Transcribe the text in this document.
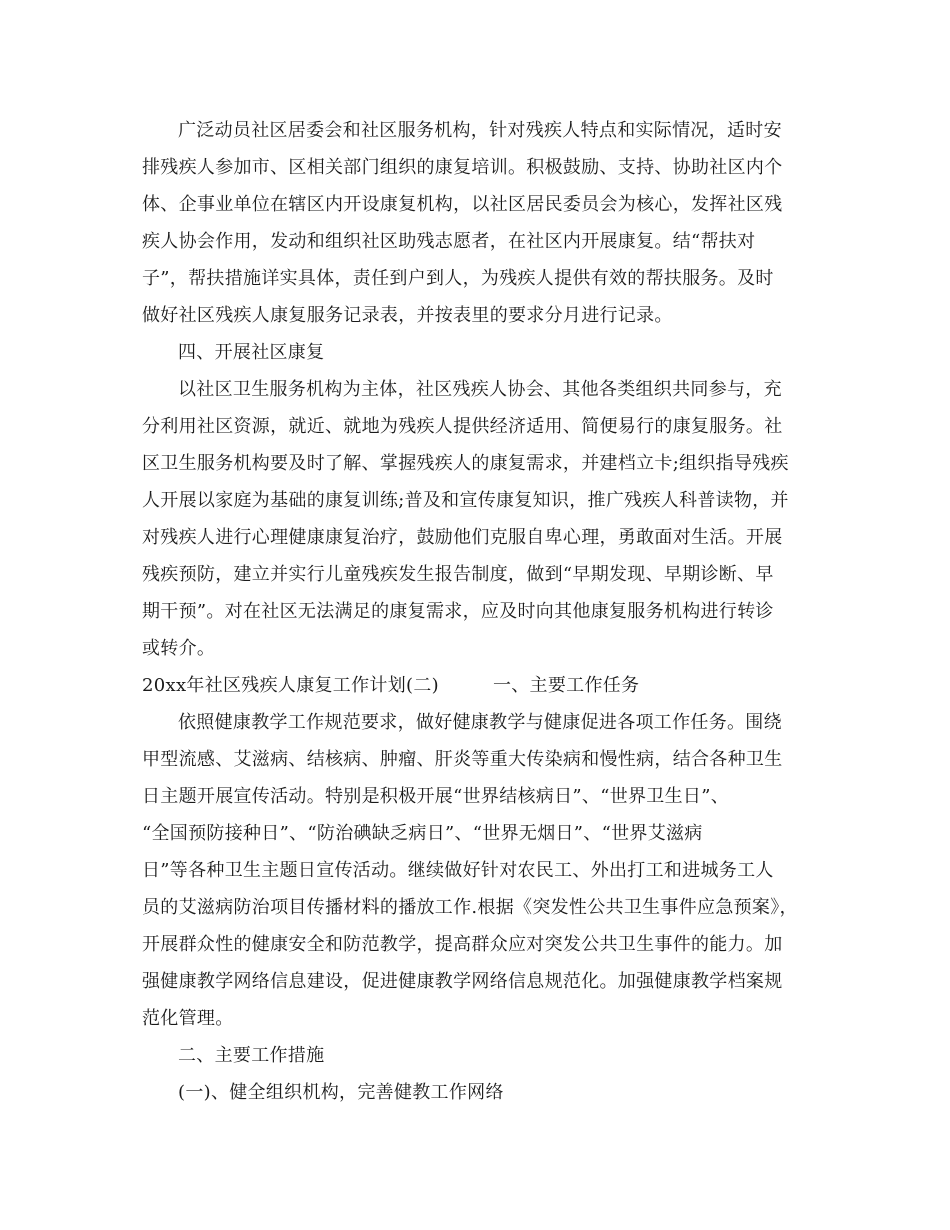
广泛动员社区居委会和社区服务机构，针对残疾人特点和实际情况，适时安
排残疾人参加市、区相关部门组织的康复培训。积极鼓励、支持、协助社区内个
体、企事业单位在辖区内开设康复机构，以社区居民委员会为核心，发挥社区残
疾人协会作用，发动和组织社区助残志愿者，在社区内开展康复。结“帮扶对
子”，帮扶措施详实具体，责任到户到人，为残疾人提供有效的帮扶服务。及时
做好社区残疾人康复服务记录表，并按表里的要求分月进行记录。
四、开展社区康复
以社区卫生服务机构为主体，社区残疾人协会、其他各类组织共同参与，充
分利用社区资源，就近、就地为残疾人提供经济适用、简便易行的康复服务。社
区卫生服务机构要及时了解、掌握残疾人的康复需求，并建档立卡;组织指导残疾
人开展以家庭为基础的康复训练;普及和宣传康复知识，推广残疾人科普读物，并
对残疾人进行心理健康康复治疗，鼓励他们克服自卑心理，勇敢面对生活。开展
残疾预防，建立并实行儿童残疾发生报告制度，做到“早期发现、早期诊断、早
期干预”。对在社区无法满足的康复需求，应及时向其他康复服务机构进行转诊
或转介。
20xx年社区残疾人康复工作计划(二)	一、主要工作任务
依照健康教学工作规范要求，做好健康教学与健康促进各项工作任务。围绕
甲型流感、艾滋病、结核病、肿瘤、肝炎等重大传染病和慢性病，结合各种卫生
日主题开展宣传活动。特别是积极开展“世界结核病日”、“世界卫生日”、
“全国预防接种日”、“防治碘缺乏病日”、“世界无烟日”、“世界艾滋病
日”等各种卫生主题日宣传活动。继续做好针对农民工、外出打工和进城务工人
员的艾滋病防治项目传播材料的播放工作.根据《突发性公共卫生事件应急预案》，
开展群众性的健康安全和防范教学，提高群众应对突发公共卫生事件的能力。加
强健康教学网络信息建设，促进健康教学网络信息规范化。加强健康教学档案规
范化管理。
二、主要工作措施
(一)、健全组织机构，完善健教工作网络
